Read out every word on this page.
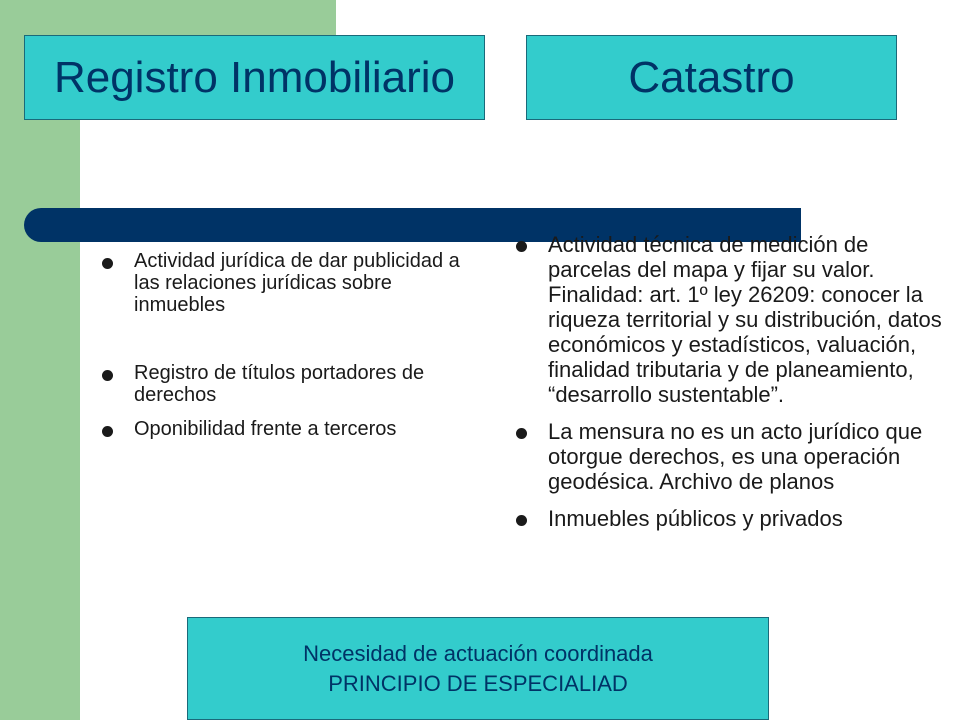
Registro Inmobiliario	Catastro
Actividad jurídica de dar publicidad a las relaciones jurídicas sobre inmuebles
Registro de títulos portadores de derechos
Oponibilidad frente a terceros
Actividad técnica de medición de parcelas del mapa y fijar su valor. Finalidad: art. 1º ley 26209: conocer la riqueza territorial y su distribución, datos económicos y estadísticos, valuación, finalidad tributaria y de planeamiento, “desarrollo sustentable”.
La mensura no es un acto jurídico que otorgue derechos, es una operación geodésica. Archivo de planos
Inmuebles públicos y privados
Necesidad de actuación coordinada
PRINCIPIO DE ESPECIALIAD
